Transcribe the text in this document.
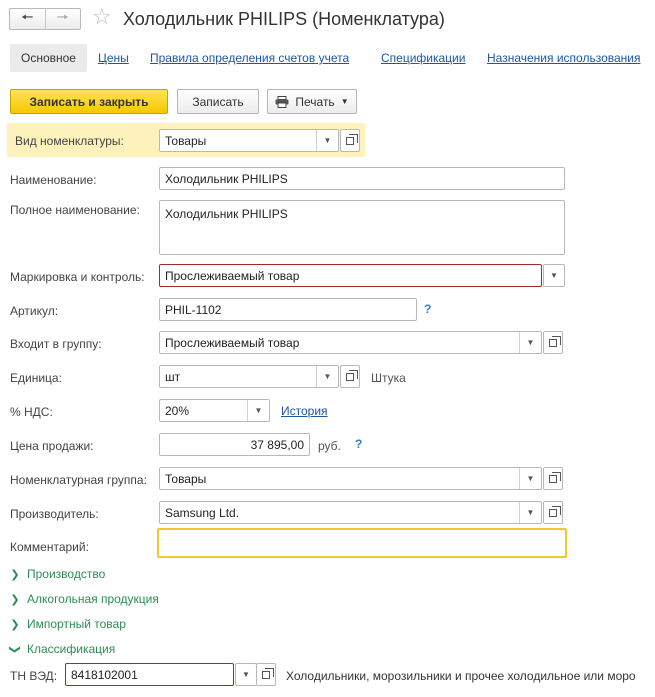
🠔 🠖 ☆ Холодильник PHILIPS (Номенклатура)
Основное	Цены Правила определения счетов учета	Спецификации Назначения использования
Записать и закрыть	Записать	Печать ▼
Вид номенклатуры:	Товары	▼
Наименование:	Холодильник PHILIPS
Полное наименование:	Холодильник PHILIPS
Маркировка и контроль:	Прослеживаемый товар	▼
Артикул:	PHIL-1102	?
Входит в группу:	Прослеживаемый товар	▼
Единица:	шт	▼	Штука
% НДС:	20%	▼	История
Цена продажи:	37 895,00	руб. ?
Номенклатурная группа:	Товары	▼
Производитель:	Samsung Ltd.	▼
Комментарий:
❯ Производство
❯ Алкогольная продукция
❯ Импортный товар
❯ Классификация
ТН ВЭД:	8418102001	▼	Холодильники, морозильники и прочее холодильное или моро
